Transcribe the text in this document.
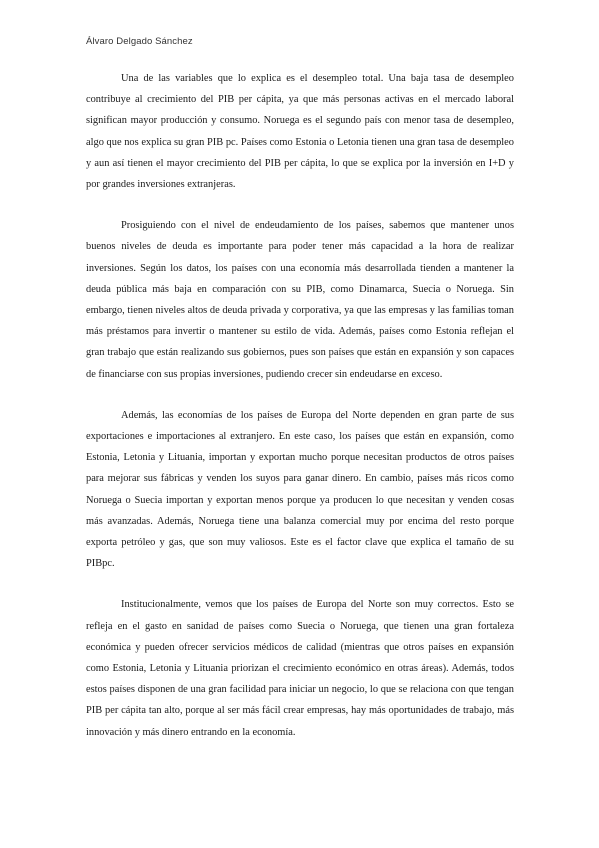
Álvaro Delgado Sánchez

Una de las variables que lo explica es el desempleo total. Una baja tasa de desempleo contribuye al crecimiento del PIB per cápita, ya que más personas activas en el mercado laboral significan mayor producción y consumo. Noruega es el segundo país con menor tasa de desempleo, algo que nos explica su gran PIB pc. Países como Estonia o Letonia tienen una gran tasa de desempleo y aun así tienen el mayor crecimiento del PIB per cápita, lo que se explica por la inversión en I+D y por grandes inversiones extranjeras.

Prosiguiendo con el nivel de endeudamiento de los países, sabemos que mantener unos buenos niveles de deuda es importante para poder tener más capacidad a la hora de realizar inversiones. Según los datos, los países con una economía más desarrollada tienden a mantener la deuda pública más baja en comparación con su PIB, como Dinamarca, Suecia o Noruega. Sin embargo, tienen niveles altos de deuda privada y corporativa, ya que las empresas y las familias toman más préstamos para invertir o mantener su estilo de vida. Además, países como Estonia reflejan el gran trabajo que están realizando sus gobiernos, pues son países que están en expansión y son capaces de financiarse con sus propias inversiones, pudiendo crecer sin endeudarse en exceso.

Además, las economías de los países de Europa del Norte dependen en gran parte de sus exportaciones e importaciones al extranjero. En este caso, los países que están en expansión, como Estonia, Letonia y Lituania, importan y exportan mucho porque necesitan productos de otros países para mejorar sus fábricas y venden los suyos para ganar dinero. En cambio, países más ricos como Noruega o Suecia importan y exportan menos porque ya producen lo que necesitan y venden cosas más avanzadas. Además, Noruega tiene una balanza comercial muy por encima del resto porque exporta petróleo y gas, que son muy valiosos. Este es el factor clave que explica el tamaño de su PIBpc.

Institucionalmente, vemos que los países de Europa del Norte son muy correctos. Esto se refleja en el gasto en sanidad de países como Suecia o Noruega, que tienen una gran fortaleza económica y pueden ofrecer servicios médicos de calidad (mientras que otros países en expansión como Estonia, Letonia y Lituania priorizan el crecimiento económico en otras áreas). Además, todos estos países disponen de una gran facilidad para iniciar un negocio, lo que se relaciona con que tengan PIB per cápita tan alto, porque al ser más fácil crear empresas, hay más oportunidades de trabajo, más innovación y más dinero entrando en la economía.
